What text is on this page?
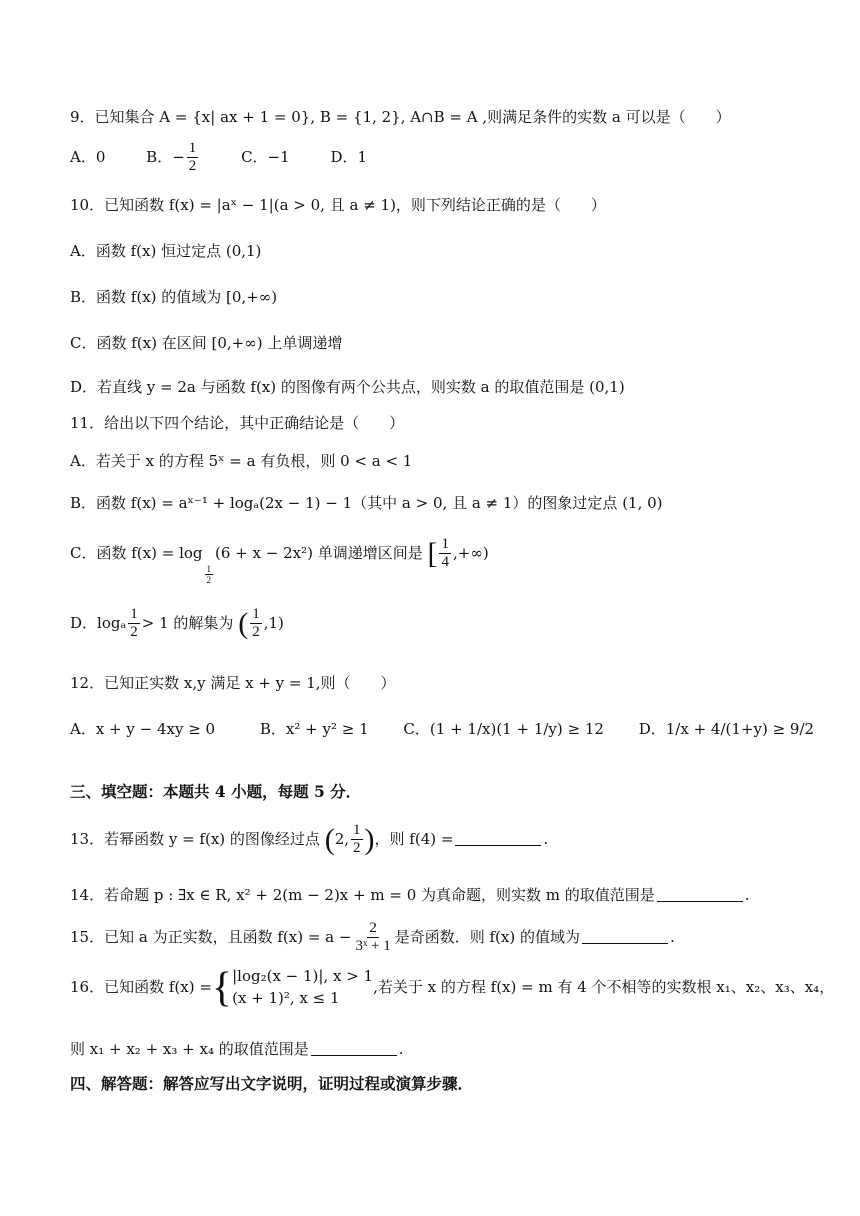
9．已知集合 A = {x| ax + 1 = 0}, B = {1, 2}, A∩B = A ,则满足条件的实数 a 可以是（　　）
A．0	B．− $\frac{1}{2}$	C．−1	D．1
10．已知函数 f(x) = |aˣ − 1|(a > 0, 且 a ≠ 1)，则下列结论正确的是（　　）
A．函数 f(x) 恒过定点 (0,1)
B．函数 f(x) 的值域为 [0,+∞)
C．函数 f(x) 在区间 [0,+∞) 上单调递增
D．若直线 y = 2a 与函数 f(x) 的图像有两个公共点，则实数 a 的取值范围是 (0,1)
11．给出以下四个结论，其中正确结论是（　　）
A．若关于 x 的方程 5ˣ = a 有负根，则 0 < a < 1
B．函数 f(x) = aˣ⁻¹ + logₐ(2x − 1) − 1（其中 a > 0, 且 a ≠ 1）的图象过定点 (1, 0)
C．函数 f(x) = log
$\frac{1}{2}$
(6 + x − 2x²) 单调递增区间是 [ $\frac{1}{4}$ ,+∞)
D．logₐ $\frac{1}{2} > 1$ 的解集为 ( $\frac{1}{2} ,1$)
12．已知正实数 x,y 满足 x + y = 1,则（　　）
A．x + y − 4xy ≥ 0	B．x² + y² ≥ 1 C．(1 + 1/x)(1 + 1/y) ≥ 12 D．1/x + 4/(1+y) ≥ 9/2
三、填空题：本题共 4 小题，每题 5 分．
13．若幂函数 y = f(x) 的图像经过点 (2, $\frac{1}{2}$ )，则 f(4) =	.
14．若命题 p : ∃x ∈ R, x² + 2(m − 2)x + m = 0 为真命题，则实数 m 的取值范围是	.
15．已知 a 为正实数，且函数 $f(x) = a - \frac{2}{\text{3ˣ + 1}}$ 是奇函数．则 f(x) 的值域为	.
16．已知函数 f(x) ={ |log₂(x − 1)|, x > 1
(x + 1)², x ≤ 1
,若关于 x 的方程 f(x) = m 有 4 个不相等的实数根 x₁、x₂、x₃、x₄，
则 x₁ + x₂ + x₃ + x₄ 的取值范围是	.
四、解答题：解答应写出文字说明，证明过程或演算步骤．
